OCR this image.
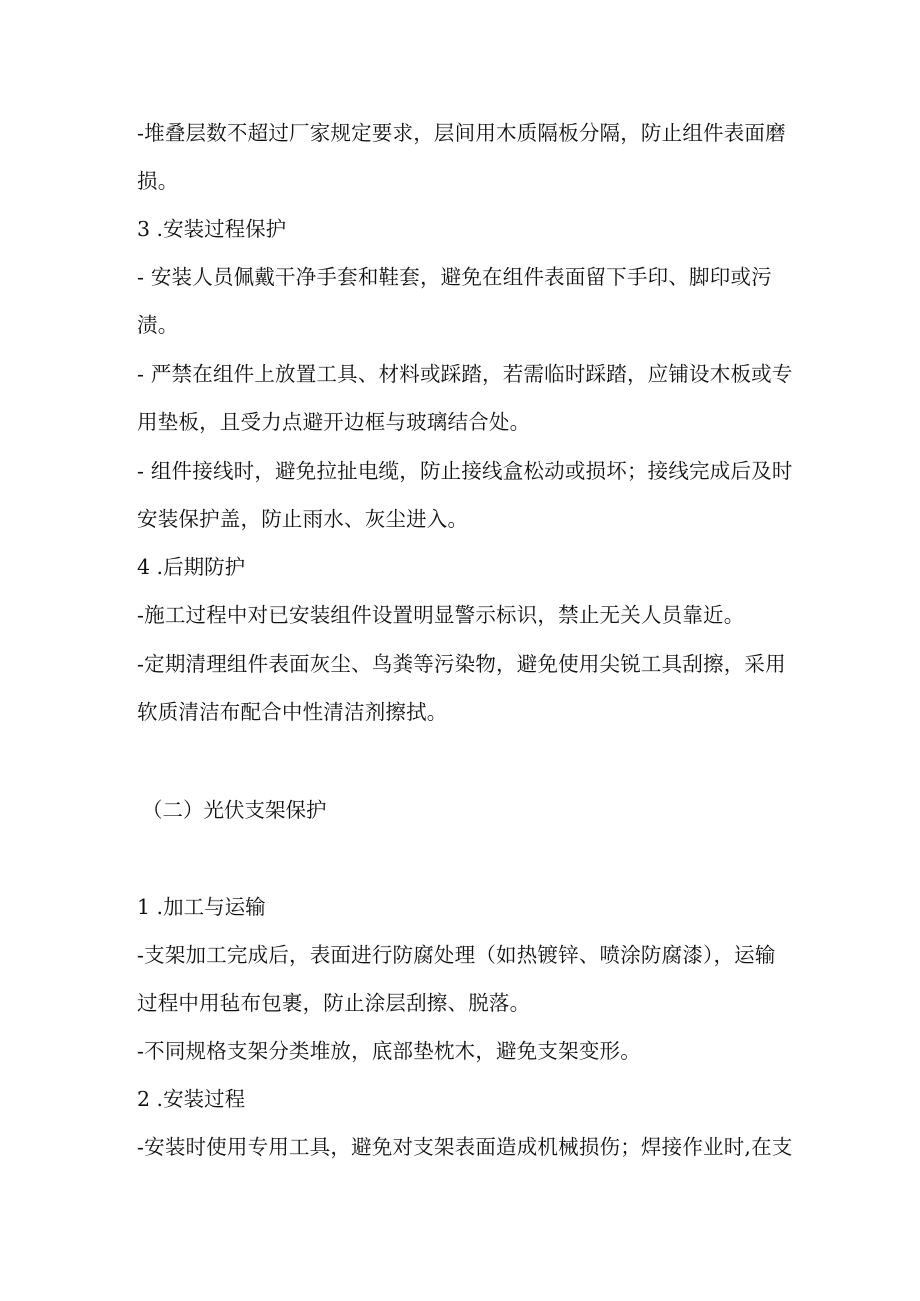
-堆叠层数不超过厂家规定要求，层间用木质隔板分隔，防止组件表面磨
损。
3 .安装过程保护
- 安装人员佩戴干净手套和鞋套，避免在组件表面留下手印、脚印或污
渍。
- 严禁在组件上放置工具、材料或踩踏，若需临时踩踏，应铺设木板或专
用垫板，且受力点避开边框与玻璃结合处。
- 组件接线时，避免拉扯电缆，防止接线盒松动或损坏；接线完成后及时
安装保护盖，防止雨水、灰尘进入。
4 .后期防护
-施工过程中对已安装组件设置明显警示标识，禁止无关人员靠近。
-定期清理组件表面灰尘、鸟粪等污染物，避免使用尖锐工具刮擦，采用
软质清洁布配合中性清洁剂擦拭。
（二）光伏支架保护
1 .加工与运输
-支架加工完成后，表面进行防腐处理（如热镀锌、喷涂防腐漆），运输
过程中用毡布包裹，防止涂层刮擦、脱落。
-不同规格支架分类堆放，底部垫枕木，避免支架变形。
2 .安装过程
-安装时使用专用工具，避免对支架表面造成机械损伤；焊接作业时,在支
